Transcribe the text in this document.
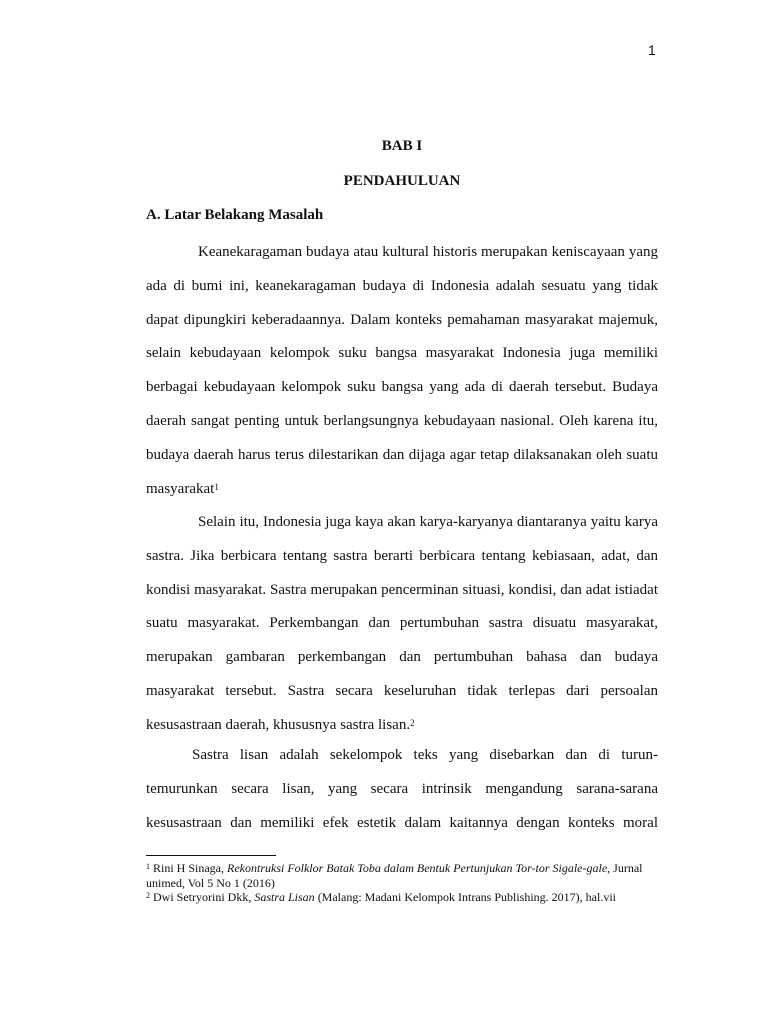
1
BAB I
PENDAHULUAN
A. Latar Belakang Masalah

Keanekaragaman budaya atau kultural historis merupakan keniscayaan yang ada di bumi ini, keanekaragaman budaya di Indonesia adalah sesuatu yang tidak dapat dipungkiri keberadaannya. Dalam konteks pemahaman masyarakat majemuk, selain kebudayaan kelompok suku bangsa masyarakat Indonesia juga memiliki berbagai kebudayaan kelompok suku bangsa yang ada di daerah tersebut. Budaya daerah sangat penting untuk berlangsungnya kebudayaan nasional. Oleh karena itu, budaya daerah harus terus dilestarikan dan dijaga agar tetap dilaksanakan oleh suatu masyarakat$^1$

Selain itu, Indonesia juga kaya akan karya-karyanya diantaranya yaitu karya sastra. Jika berbicara tentang sastra berarti berbicara tentang kebiasaan, adat, dan kondisi masyarakat. Sastra merupakan pencerminan situasi, kondisi, dan adat istiadat suatu masyarakat. Perkembangan dan pertumbuhan sastra disuatu masyarakat, merupakan gambaran perkembangan dan pertumbuhan bahasa dan budaya masyarakat tersebut. Sastra secara keseluruhan tidak terlepas dari persoalan kesusastraan daerah, khususnya sastra lisan.$^2$

Sastra lisan adalah sekelompok teks yang disebarkan dan di turun-temurunkan secara lisan, yang secara intrinsik mengandung sarana-sarana kesusastraan dan memiliki efek estetik dalam kaitannya dengan konteks moral

$^1$ Rini H Sinaga, Rekontruksi Folklor Batak Toba dalam Bentuk Pertunjukan Tor-tor Sigale-gale, Jurnal unimed, Vol 5 No 1 (2016)
$^2$ Dwi Setryorini Dkk, Sastra Lisan (Malang: Madani Kelompok Intrans Publishing. 2017), hal.vii
